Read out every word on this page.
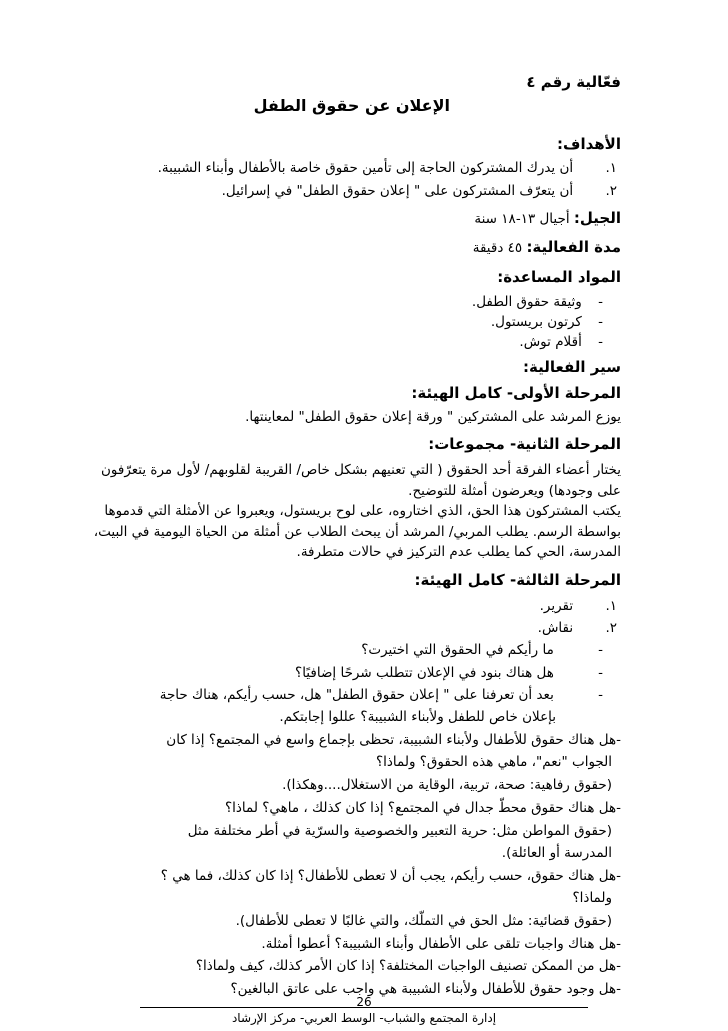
فعّالية رقم ٤
الإعلان عن حقوق الطفل
الأهداف:
١. أن يدرك المشتركون الحاجة إلى تأمين حقوق خاصة بالأطفال وأبناء الشبيبة.
٢. أن يتعرّف المشتركون على " إعلان حقوق الطفل" في إسرائيل.
الجيل: أجيال ١٣-١٨ سنة
مدة الفعالية: ٤٥ دقيقة
المواد المساعدة:
- وثيقة حقوق الطفل.
- كرتون بريستول.
- أقلام توش.
سير الفعالية:
المرحلة الأولى- كامل الهيئة:
يوزع المرشد على المشتركين " ورقة إعلان حقوق الطفل" لمعاينتها.
المرحلة الثانية- مجموعات:
يختار أعضاء الفرقة أحد الحقوق ( التي تعنيهم بشكل خاص/ القريبة لقلوبهم/ لأول مرة يتعرّفون
على وجودها) ويعرضون أمثلة للتوضيح.
يكتب المشتركون هذا الحق، الذي اختاروه، على لوح بريستول، ويعبروا عن الأمثلة التي قدموها
بواسطة الرسم. يطلب المربي/ المرشد أن يبحث الطلاب عن أمثلة من الحياة اليومية في البيت،
المدرسة، الحي كما يطلب عدم التركيز في حالات متطرفة.
المرحلة الثالثة- كامل الهيئة:
١. تقرير.
٢. نقاش.
- ما رأيكم في الحقوق التي اختيرت؟
- هل هناك بنود في الإعلان تتطلب شرحًا إضافيًا؟
- بعد أن تعرفنا على " إعلان حقوق الطفل" هل، حسب رأيكم، هناك حاجة
بإعلان خاص للطفل ولأبناء الشبيبة؟ عللوا إجابتكم.
-هل هناك حقوق للأطفال ولأبناء الشبيبة، تحظى بإجماع واسع في المجتمع؟ إذا كان
الجواب "نعم"، ماهي هذه الحقوق؟ ولماذا؟
(حقوق رفاهية: صحة، تربية، الوقاية من الاستغلال....وهكذا).
-هل هناك حقوق محطّ جدال في المجتمع؟ إذا كان كذلك ، ماهي؟ لماذا؟
(حقوق المواطن مثل: حرية التعبير والخصوصية والسرّية في أطر مختلفة مثل
المدرسة أو العائلة).
-هل هناك حقوق، حسب رأيكم، يجب أن لا تعطى للأطفال؟ إذا كان كذلك، فما هي ؟
ولماذا؟
(حقوق قضائية: مثل الحق في التملّك، والتي غالبًا لا تعطى للأطفال).
-هل هناك واجبات تلقى على الأطفال وأبناء الشبيبة؟ أعطوا أمثلة.
-هل من الممكن تصنيف الواجبات المختلفة؟ إذا كان الأمر كذلك، كيف ولماذا؟
-هل وجود حقوق للأطفال ولأبناء الشبيبة هي واجب على عاتق البالغين؟
26
إدارة المجتمع والشباب- الوسط العربي- مركز الإرشاد
